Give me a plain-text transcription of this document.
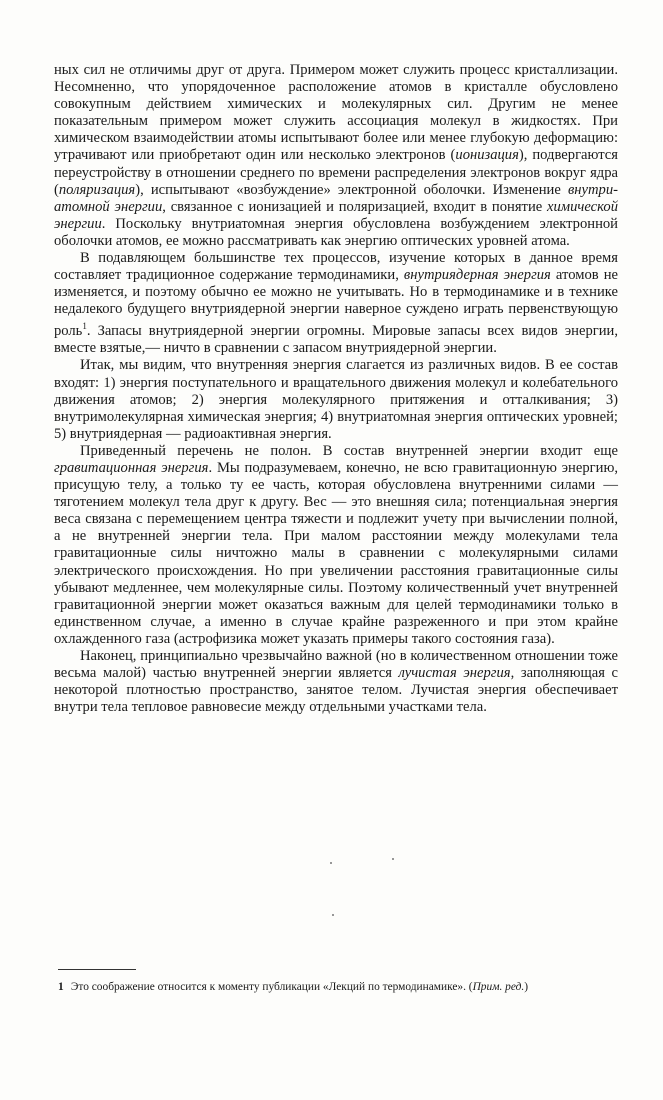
ных сил не отличимы друг от друга. Примером может служить процесс кристаллизации. Несомненно, что упорядоченное расположение атомов в кристалле обусловлено совокупным действием химических и молекулярных сил. Другим не менее показательным примером может служить ассоциация молекул в жидкостях. При химическом взаимодействии атомы испытывают более или менее глубокую деформацию: утрачивают или приобретают один или несколько электронов (ионизация), подвергаются переустройству в отношении среднего по времени распределения электронов вокруг ядра (поляризация), испытывают «возбуждение» электронной оболочки. Изменение внутриатомной энергии, связанное с ионизацией и поляризацией, входит в понятие химической энергии. Поскольку внутриатомная энергия обусловлена возбуждением электронной оболочки атомов, ее можно рассматривать как энергию оптических уровней атома.

В подавляющем большинстве тех процессов, изучение которых в данное время составляет традиционное содержание термодинамики, внутриядерная энергия атомов не изменяется, и поэтому обычно ее можно не учитывать. Но в термодинамике и в технике недалекого будущего внутриядерной энергии наверное суждено играть первенствующую роль$^1$. Запасы внутриядерной энергии огромны. Мировые запасы всех видов энергии, вместе взятые,— ничто в сравнении с запасом внутриядерной энергии.

Итак, мы видим, что внутренняя энергия слагается из различных видов. В ее состав входят: 1) энергия поступательного и вращательного движения молекул и колебательного движения атомов; 2) энергия молекулярного притяжения и отталкивания; 3) внутримолекулярная химическая энергия; 4) внутриатомная энергия оптических уровней; 5) внутриядерная — радиоактивная энергия.

Приведенный перечень не полон. В состав внутренней энергии входит еще гравитационная энергия. Мы подразумеваем, конечно, не всю гравитационную энергию, присущую телу, а только ту ее часть, которая обусловлена внутренними силами — тяготением молекул тела друг к другу. Вес — это внешняя сила; потенциальная энергия веса связана с перемещением центра тяжести и подлежит учету при вычислении полной, а не внутренней энергии тела. При малом расстоянии между молекулами тела гравитационные силы ничтожно малы в сравнении с молекулярными силами электрического происхождения. Но при увеличении расстояния гравитационные силы убывают медленнее, чем молекулярные силы. Поэтому количественный учет внутренней гравитационной энергии может оказаться важным для целей термодинамики только в единственном случае, а именно в случае крайне разреженного и при этом крайне охлажденного газа (астрофизика может указать примеры такого состояния газа).

Наконец, принципиально чрезвычайно важной (но в количественном отношении тоже весьма малой) частью внутренней энергии является лучистая энергия, заполняющая с некоторой плотностью пространство, занятое телом. Лучистая энергия обеспечивает внутри тела тепловое равновесие между отдельными участками тела.

1 Это соображение относится к моменту публикации «Лекций по термодинамике». (Прим. ред.)
